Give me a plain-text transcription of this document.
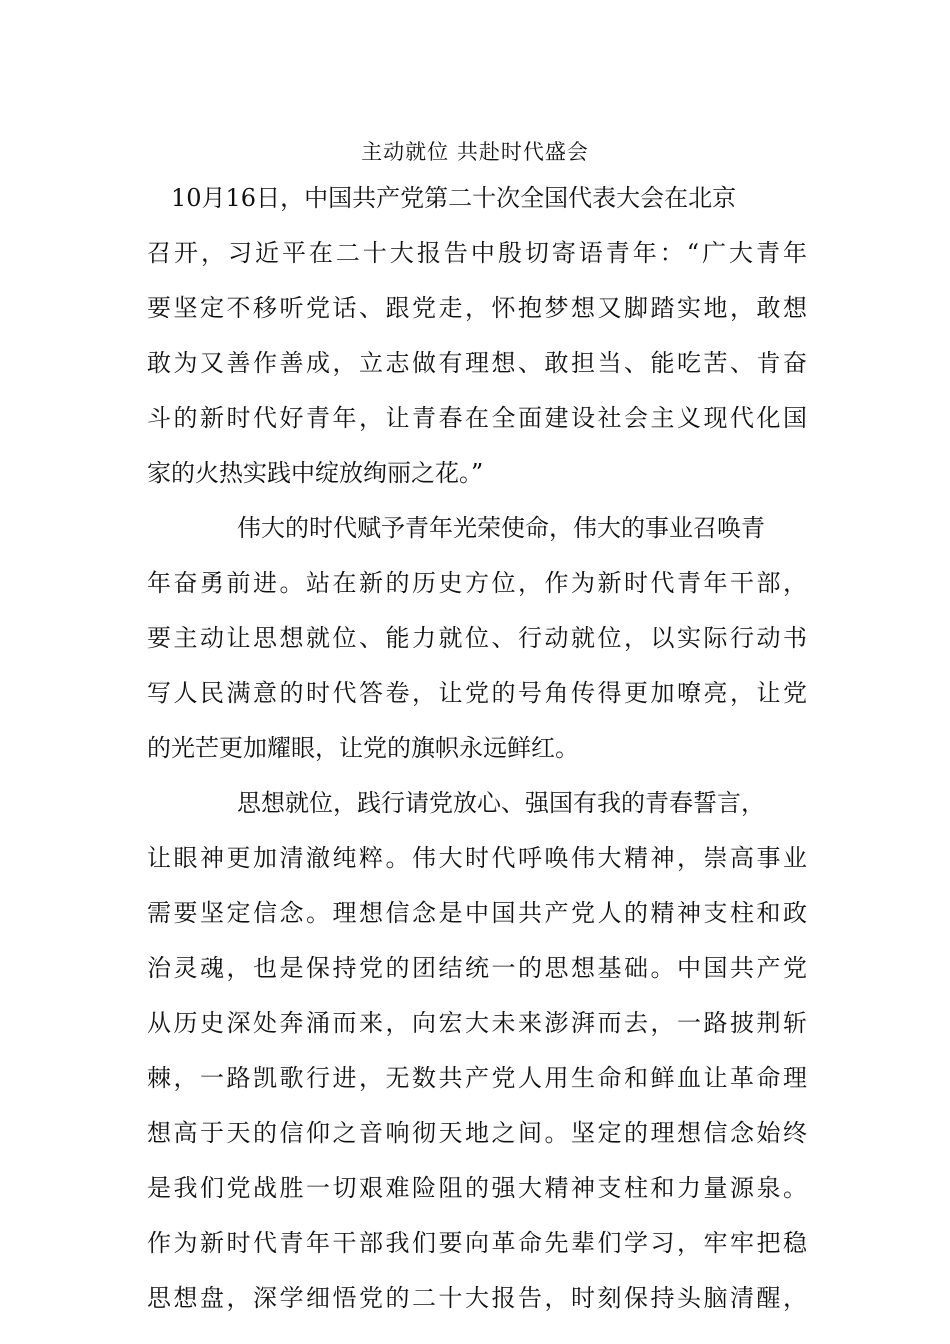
主动就位 共赴时代盛会
10月16日，中国共产党第二十次全国代表大会在北京
召开，习近平在二十大报告中殷切寄语青年：“广大青年
要坚定不移听党话、跟党走，怀抱梦想又脚踏实地，敢想
敢为又善作善成，立志做有理想、敢担当、能吃苦、肯奋
斗的新时代好青年，让青春在全面建设社会主义现代化国
家的火热实践中绽放绚丽之花。”
伟大的时代赋予青年光荣使命，伟大的事业召唤青
年奋勇前进。站在新的历史方位，作为新时代青年干部，
要主动让思想就位、能力就位、行动就位，以实际行动书
写人民满意的时代答卷，让党的号角传得更加嘹亮，让党
的光芒更加耀眼，让党的旗帜永远鲜红。
思想就位，践行请党放心、强国有我的青春誓言，
让眼神更加清澈纯粹。伟大时代呼唤伟大精神，崇高事业
需要坚定信念。理想信念是中国共产党人的精神支柱和政
治灵魂，也是保持党的团结统一的思想基础。中国共产党
从历史深处奔涌而来，向宏大未来澎湃而去，一路披荆斩
棘，一路凯歌行进，无数共产党人用生命和鲜血让革命理
想高于天的信仰之音响彻天地之间。坚定的理想信念始终
是我们党战胜一切艰难险阻的强大精神支柱和力量源泉。
作为新时代青年干部我们要向革命先辈们学习，牢牢把稳
思想盘，深学细悟党的二十大报告，时刻保持头脑清醒，
